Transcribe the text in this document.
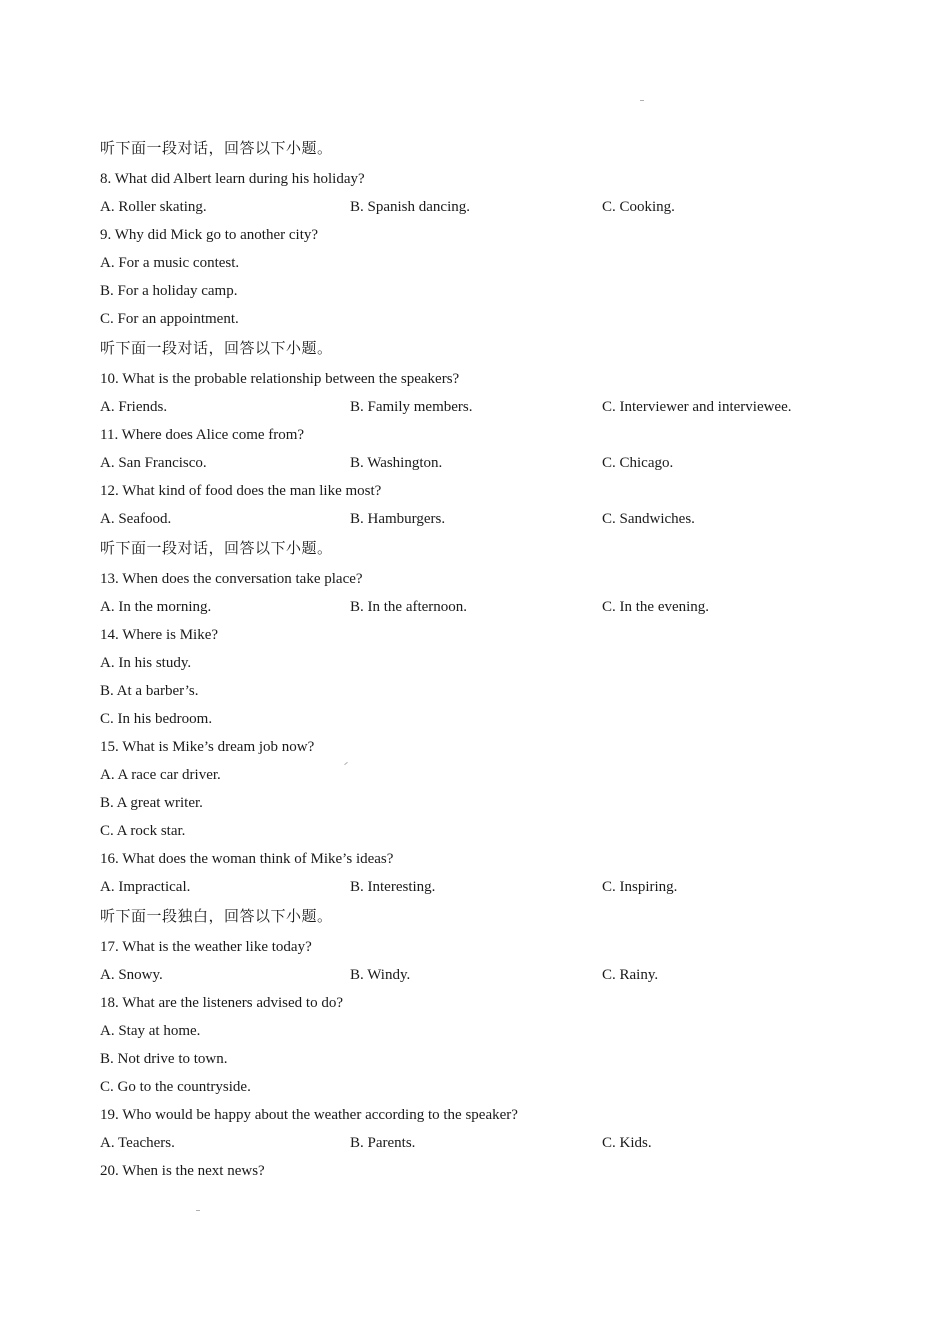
听下面一段对话，回答以下小题。
8. What did Albert learn during his holiday?
A. Roller skating.	B. Spanish dancing.	C. Cooking.
9. Why did Mick go to another city?
A. For a music contest.
B. For a holiday camp.
C. For an appointment.
听下面一段对话，回答以下小题。
10. What is the probable relationship between the speakers?
A. Friends.	B. Family members.	C. Interviewer and interviewee.
11. Where does Alice come from?
A. San Francisco.	B. Washington.	C. Chicago.
12. What kind of food does the man like most?
A. Seafood.	B. Hamburgers.	C. Sandwiches.
听下面一段对话，回答以下小题。
13. When does the conversation take place?
A. In the morning.	B. In the afternoon.	C. In the evening.
14. Where is Mike?
A. In his study.
B. At a barber’s.
C. In his bedroom.
15. What is Mike’s dream job now?
A. A race car driver.
B. A great writer.
C. A rock star.
16. What does the woman think of Mike’s ideas?
A. Impractical.	B. Interesting.	C. Inspiring.
听下面一段独白，回答以下小题。
17. What is the weather like today?
A. Snowy.	B. Windy.	C. Rainy.
18. What are the listeners advised to do?
A. Stay at home.
B. Not drive to town.
C. Go to the countryside.
19. Who would be happy about the weather according to the speaker?
A. Teachers.	B. Parents.	C. Kids.
20. When is the next news?
